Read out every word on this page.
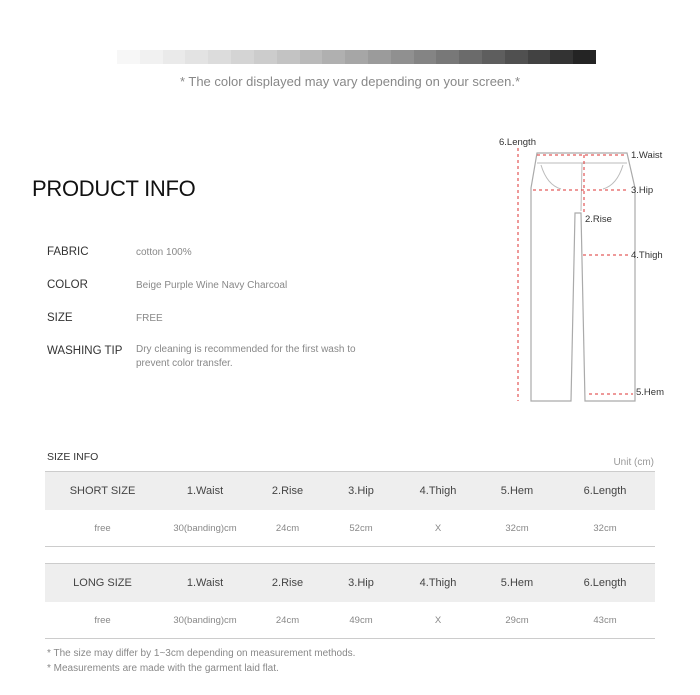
* The color displayed may vary depending on your screen.*
PRODUCT INFO
FABRIC	cotton 100%
COLOR	Beige Purple Wine Navy Charcoal
SIZE	FREE
WASHING TIP	Dry cleaning is recommended for the first wash to prevent color transfer.
6.Length
1.Waist
3.Hip
2.Rise
4.Thigh
5.Hem
SIZE INFO	Unit (cm)
SHORT SIZE	1.Waist	2.Rise	3.Hip	4.Thigh	5.Hem	6.Length
free	30(banding)cm	24cm	52cm	X	32cm	32cm
LONG SIZE	1.Waist	2.Rise	3.Hip	4.Thigh	5.Hem	6.Length
free	30(banding)cm	24cm	49cm	X	29cm	43cm
* The size may differ by 1~3cm depending on measurement methods.
* Measurements are made with the garment laid flat.
